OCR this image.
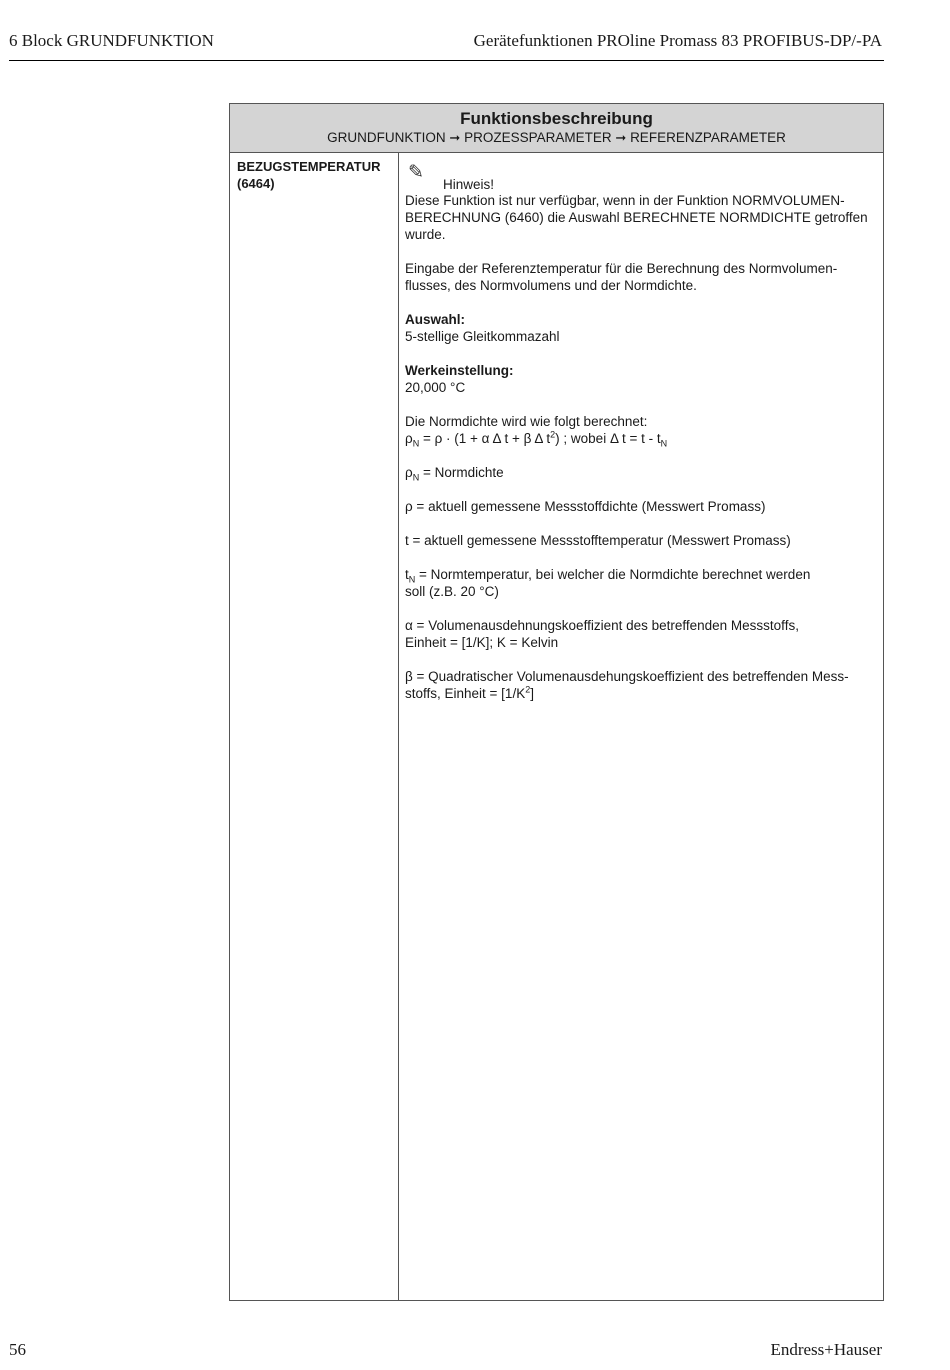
6 Block GRUNDFUNKTION	Gerätefunktionen PROline Promass 83 PROFIBUS-DP/-PA
Funktionsbeschreibung
GRUNDFUNKTION ➞ PROZESSPARAMETER ➞ REFERENZPARAMETER
BEZUGSTEMPERATUR
(6464)
✎
Hinweis!

Diese Funktion ist nur verfügbar, wenn in der Funktion NORMVOLUMEN-

BERECHNUNG (6460) die Auswahl BERECHNETE NORMDICHTE getroffen

wurde.

Eingabe der Referenztemperatur für die Berechnung des Normvolumen-

flusses, des Normvolumens und der Normdichte.

Auswahl:

5-stellige Gleitkommazahl

Werkeinstellung:

20,000 °C

Die Normdichte wird wie folgt berechnet:

$\rho_N = \rho \cdot (1 + \alpha$ Δ t + β Δ $t^2$) ; wobei Δ $t = t - t_N$

$\rho_N$ = Normdichte

ρ = aktuell gemessene Messstoffdichte (Messwert Promass)

t = aktuell gemessene Messstofftemperatur (Messwert Promass)

$t_N$ = Normtemperatur, bei welcher die Normdichte berechnet werden

soll (z.B. 20 °C)

α = Volumenausdehnungskoeffizient des betreffenden Messstoffs,

Einheit = [1/K]; K = Kelvin

β = Quadratischer Volumenausdehungskoeffizient des betreffenden Mess-

stoffs, Einheit = $[1/K^2]$

56	Endress+Hauser
